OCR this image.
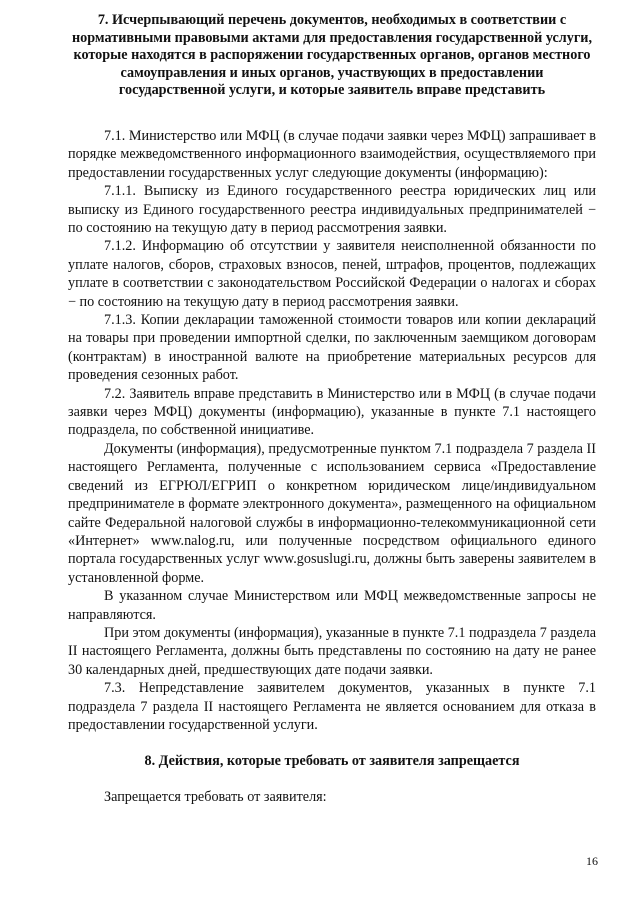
7. Исчерпывающий перечень документов, необходимых в соответствии с нормативными правовыми актами для предоставления государственной услуги, которые находятся в распоряжении государственных органов, органов местного самоуправления и иных органов, участвующих в предоставлении государственной услуги, и которые заявитель вправе представить

7.1. Министерство или МФЦ (в случае подачи заявки через МФЦ) запрашивает в порядке межведомственного информационного взаимодействия, осуществляемого при предоставлении государственных услуг следующие документы (информацию):

7.1.1. Выписку из Единого государственного реестра юридических лиц или выписку из Единого государственного реестра индивидуальных предпринимателей − по состоянию на текущую дату в период рассмотрения заявки.

7.1.2. Информацию об отсутствии у заявителя неисполненной обязанности по уплате налогов, сборов, страховых взносов, пеней, штрафов, процентов, подлежащих уплате в соответствии с законодательством Российской Федерации о налогах и сборах − по состоянию на текущую дату в период рассмотрения заявки.

7.1.3. Копии декларации таможенной стоимости товаров или копии деклараций на товары при проведении импортной сделки, по заключенным заемщиком договорам (контрактам) в иностранной валюте на приобретение материальных ресурсов для проведения сезонных работ.

7.2. Заявитель вправе представить в Министерство или в МФЦ (в случае подачи заявки через МФЦ) документы (информацию), указанные в пункте 7.1 настоящего подраздела, по собственной инициативе.

Документы (информация), предусмотренные пунктом 7.1 подраздела 7 раздела II настоящего Регламента, полученные с использованием сервиса «Предоставление сведений из ЕГРЮЛ/ЕГРИП о конкретном юридическом лице/индивидуальном предпринимателе в формате электронного документа», размещенного на официальном сайте Федеральной налоговой службы в информационно-телекоммуникационной сети «Интернет» www.nalog.ru, или полученные посредством официального единого портала государственных услуг www.gosuslugi.ru, должны быть заверены заявителем в установленной форме.

В указанном случае Министерством или МФЦ межведомственные запросы не направляются.

При этом документы (информация), указанные в пункте 7.1 подраздела 7 раздела II настоящего Регламента, должны быть представлены по состоянию на дату не ранее 30 календарных дней, предшествующих дате подачи заявки.

7.3. Непредставление заявителем документов, указанных в пункте 7.1 подраздела 7 раздела II настоящего Регламента не является основанием для отказа в предоставлении государственной услуги.

8. Действия, которые требовать от заявителя запрещается

Запрещается требовать от заявителя:

16
